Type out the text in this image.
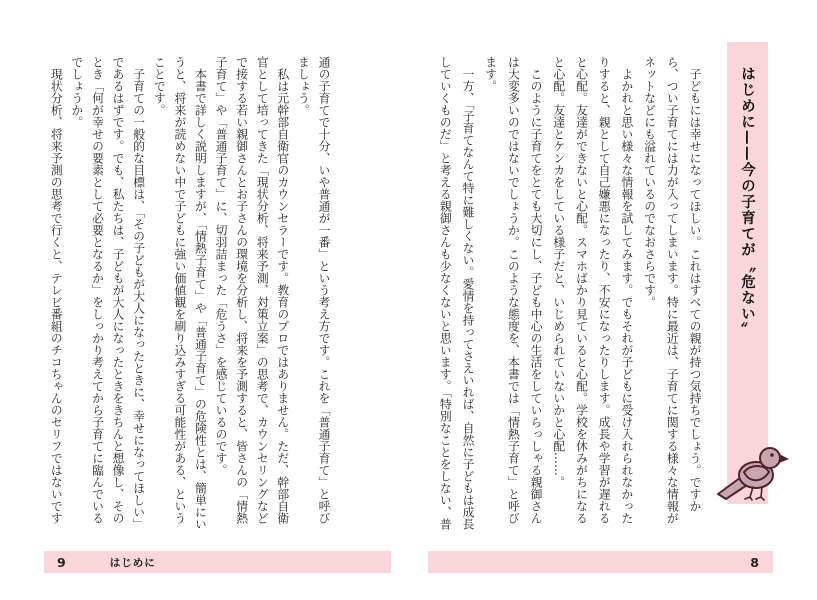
通の子育てで十分、いや普通が一番」という考え方です。これを「普通子育て」と呼びましょう。

私は元幹部自衛官のカウンセラーです。教育のプロではありません。ただ、幹部自衛官として培ってきた「現状分析、将来予測、対策立案」の思考で、カウンセリングなどで接する若い親御さんとお子さんの環境を分析し、将来を予測すると、皆さんの「情熱子育て」や「普通子育て」に、切羽詰まった「危うさ」を感じているのです。

本書で詳しく説明しますが、「情熱子育て」や「普通子育て」の危険性とは、簡単にいうと、将来が読めない中で子どもに強い価値観を刷り込みすぎる可能性がある、ということです。

子育ての一般的な目標は、「その子どもが大人になったときに、幸せになってほしい」であるはずです。でも、私たちは、子どもが大人になったときをきちんと想像し、そのとき「何が幸せの要素として必要となるか」をしっかり考えてから子育てに臨んでいるでしょうか。

現状分析、将来予測の思考で行くと、テレビ番組のチコちゃんのセリフではないです

9	はじめに
はじめに——今の子育てが〝危ない〟

子どもには幸せになってほしい。これはすべての親が持つ気持ちでしょう。ですから、つい子育てには力が入ってしまいます。特に最近は、子育てに関する様々な情報がネットなどにも溢れているのでなおさらです。

よかれと思い様々な情報を試してみます。でもそれが子どもに受け入れられなかったりすると、親として自己嫌悪になったり、不安になったりします。成長や学習が遅れると心配。友達ができないと心配。スマホばかり見ていると心配。学校を休みがちになると心配。友達とケンカをしている様子だと、いじめられていないかと心配……。

このように子育てをとても大切にし、子ども中心の生活をしていらっしゃる親御さんは大変多いのではないでしょうか。このような態度を、本書では「情熱子育て」と呼びます。

一方、「子育てなんて特に難しくない。愛情を持ってさえいれば、自然に子どもは成長していくものだ」と考える親御さんも少なくないと思います。「特別なことをしない、普

8
